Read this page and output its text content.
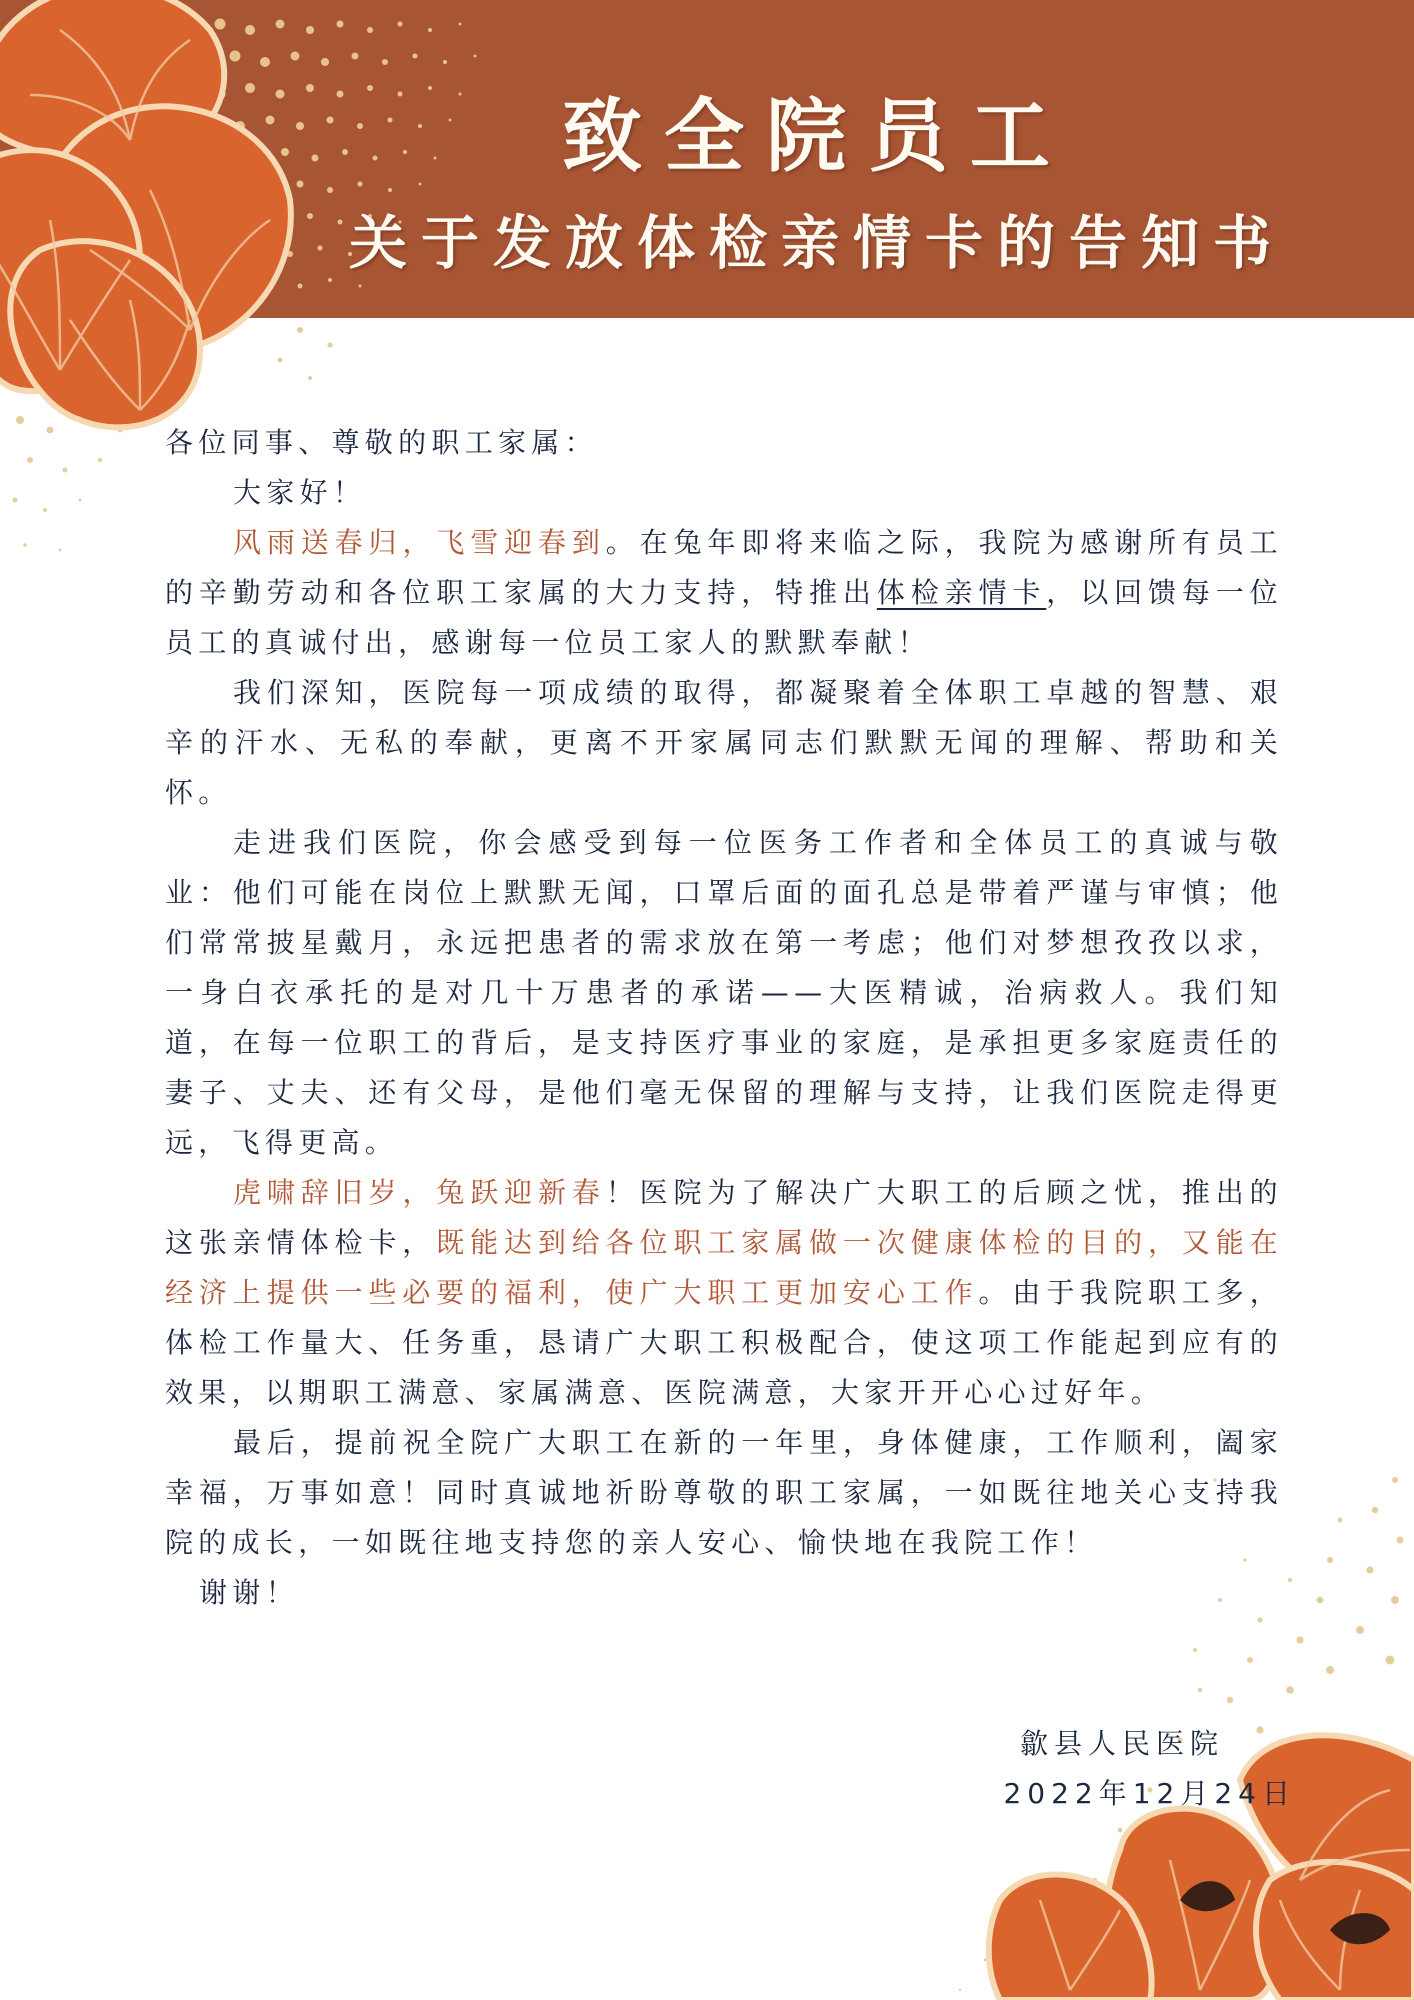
致全院员工
关于发放体检亲情卡的告知书

各位同事、尊敬的职工家属：

大家好！

风雨送春归，飞雪迎春到。在兔年即将来临之际，我院为感谢所有员工的辛勤劳动和各位职工家属的大力支持，特推出体检亲情卡，以回馈每一位员工的真诚付出，感谢每一位员工家人的默默奉献！

我们深知，医院每一项成绩的取得，都凝聚着全体职工卓越的智慧、艰辛的汗水、无私的奉献，更离不开家属同志们默默无闻的理解、帮助和关怀。

走进我们医院，你会感受到每一位医务工作者和全体员工的真诚与敬业：他们可能在岗位上默默无闻，口罩后面的面孔总是带着严谨与审慎；他们常常披星戴月，永远把患者的需求放在第一考虑；他们对梦想孜孜以求，一身白衣承托的是对几十万患者的承诺——大医精诚，治病救人。我们知道，在每一位职工的背后，是支持医疗事业的家庭，是承担更多家庭责任的妻子、丈夫、还有父母，是他们毫无保留的理解与支持，让我们医院走得更远，飞得更高。

虎啸辞旧岁，兔跃迎新春！医院为了解决广大职工的后顾之忧，推出的这张亲情体检卡，既能达到给各位职工家属做一次健康体检的目的，又能在经济上提供一些必要的福利，使广大职工更加安心工作。由于我院职工多，体检工作量大、任务重，恳请广大职工积极配合，使这项工作能起到应有的效果，以期职工满意、家属满意、医院满意，大家开开心心过好年。

最后，提前祝全院广大职工在新的一年里，身体健康，工作顺利，阖家幸福，万事如意！同时真诚地祈盼尊敬的职工家属，一如既往地关心支持我院的成长，一如既往地支持您的亲人安心、愉快地在我院工作！

谢谢！

歙县人民医院
2022年12月24日
